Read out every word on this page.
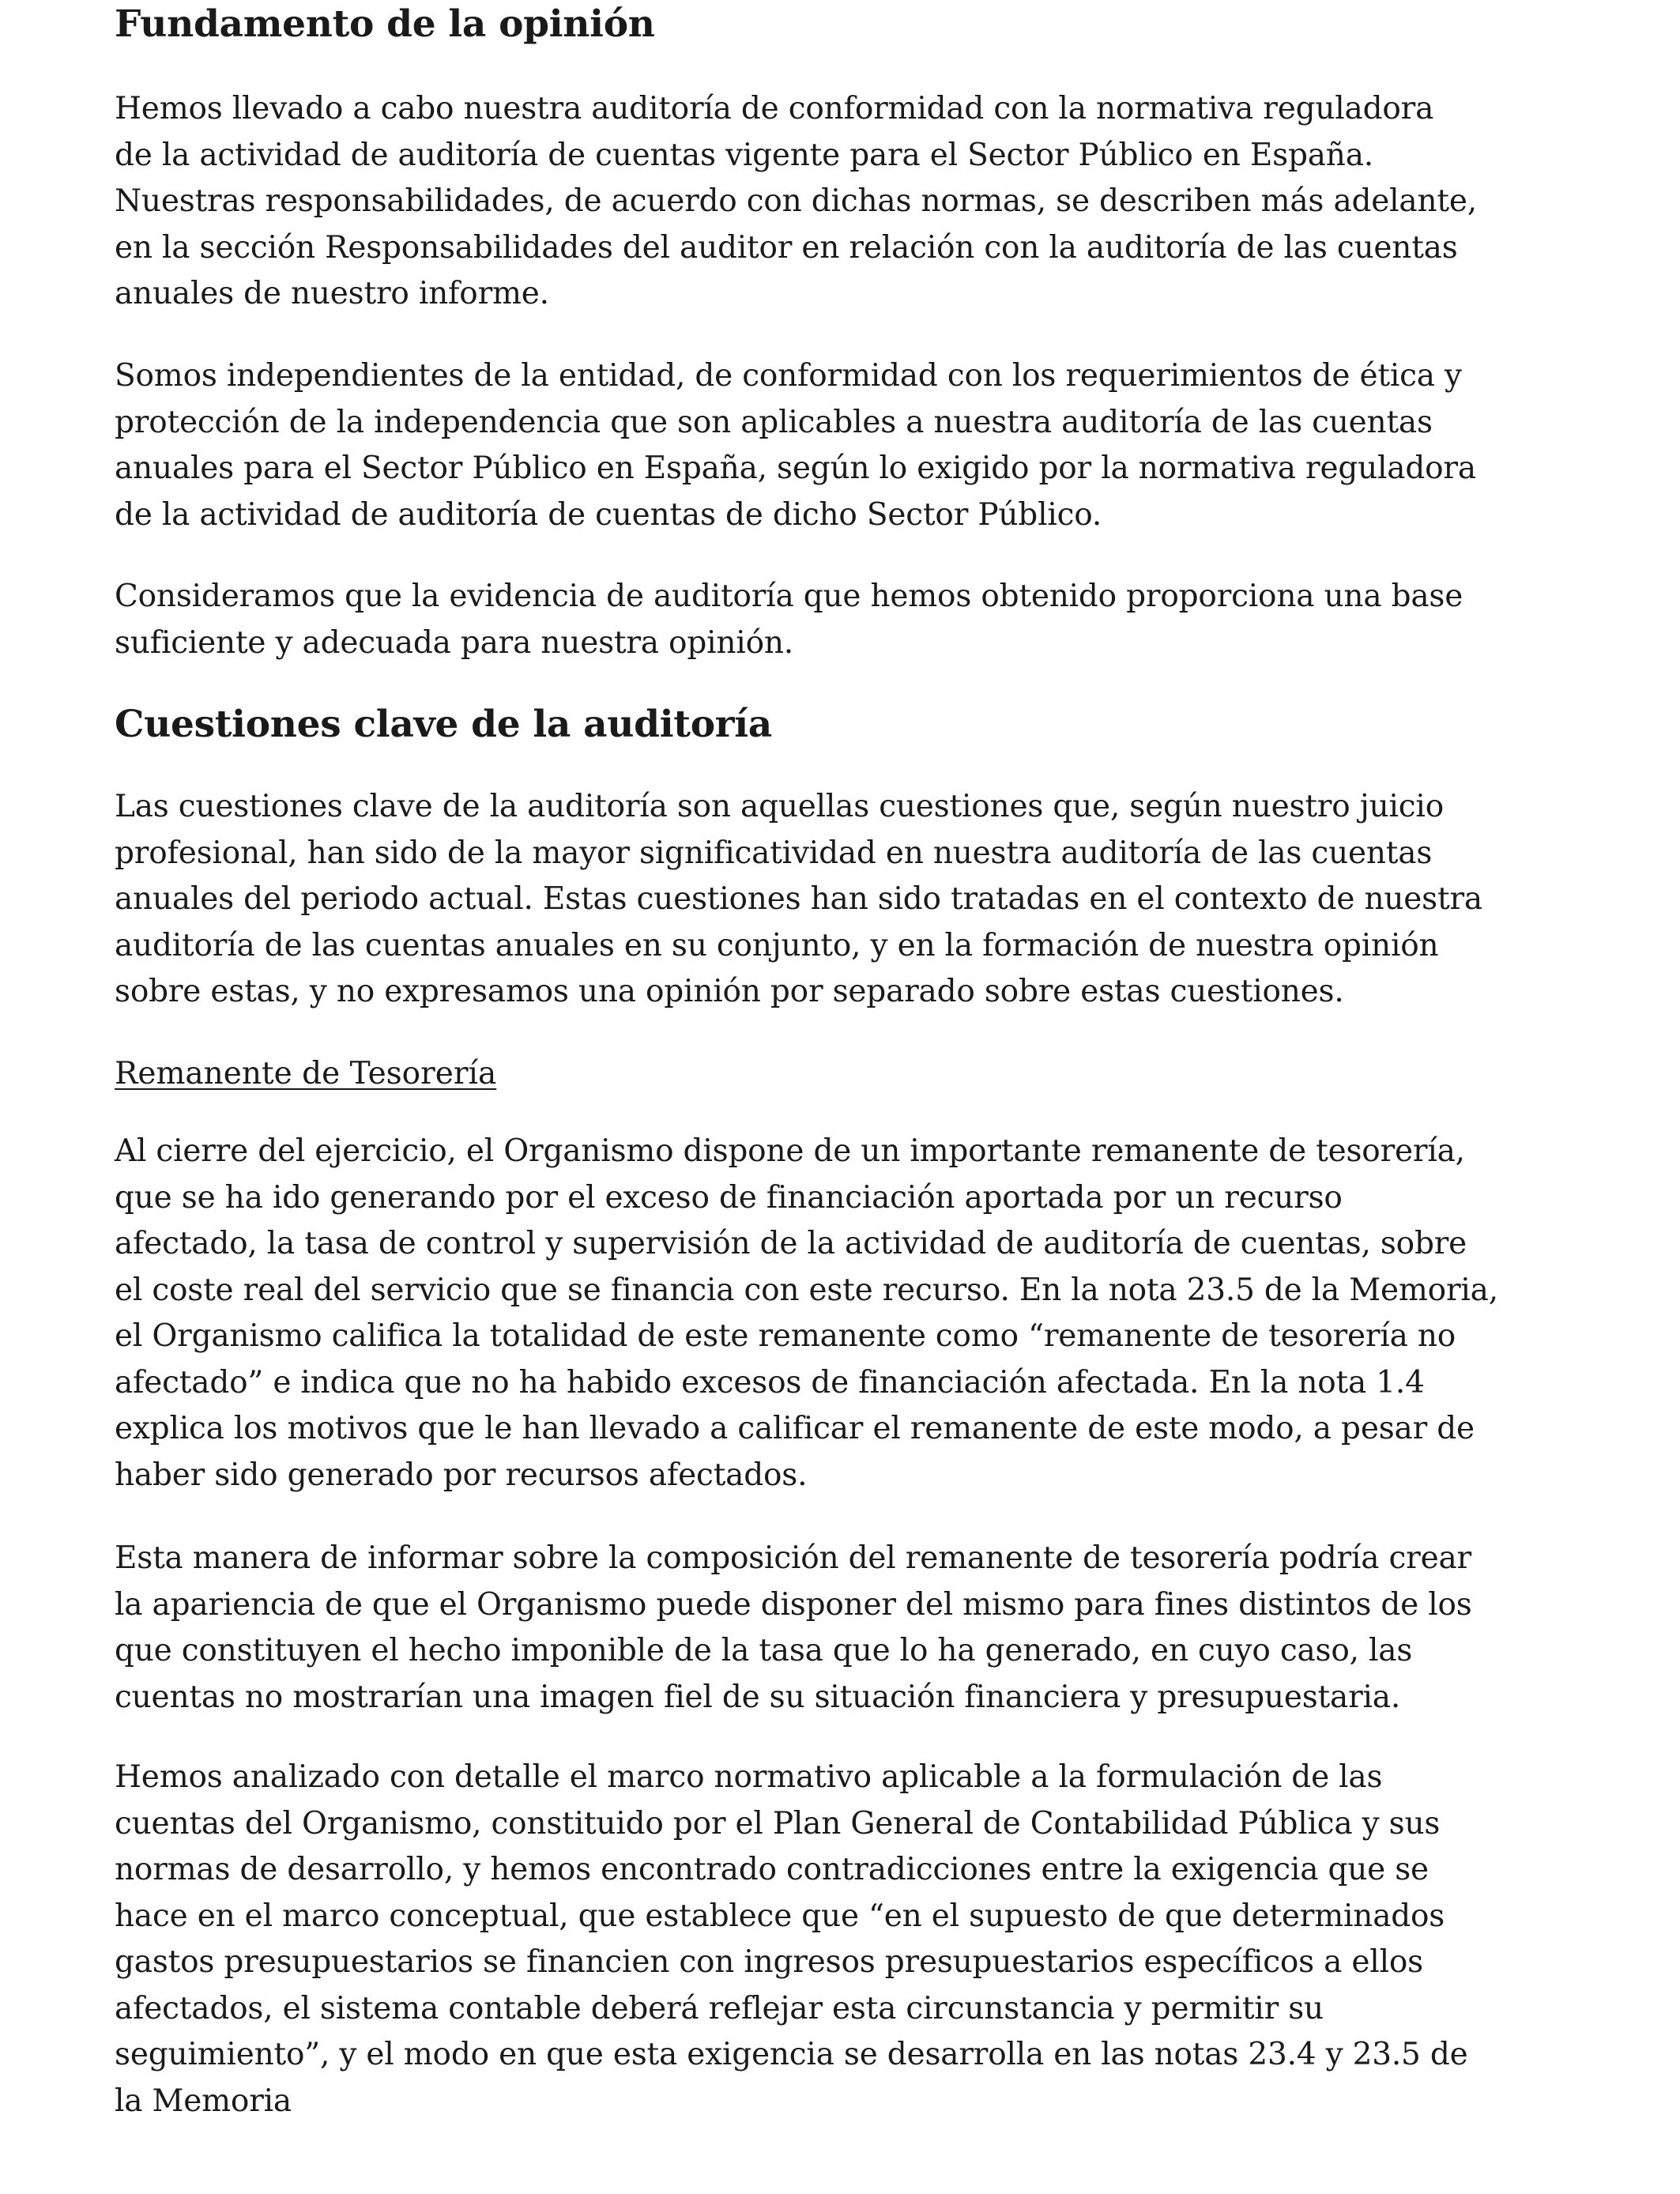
Fundamento de la opinión
Hemos llevado a cabo nuestra auditoría de conformidad con la normativa reguladora
de la actividad de auditoría de cuentas vigente para el Sector Público en España.
Nuestras responsabilidades, de acuerdo con dichas normas, se describen más adelante,
en la sección Responsabilidades del auditor en relación con la auditoría de las cuentas
anuales de nuestro informe.
Somos independientes de la entidad, de conformidad con los requerimientos de ética y
protección de la independencia que son aplicables a nuestra auditoría de las cuentas
anuales para el Sector Público en España, según lo exigido por la normativa reguladora
de la actividad de auditoría de cuentas de dicho Sector Público.
Consideramos que la evidencia de auditoría que hemos obtenido proporciona una base
suficiente y adecuada para nuestra opinión.
Cuestiones clave de la auditoría
Las cuestiones clave de la auditoría son aquellas cuestiones que, según nuestro juicio
profesional, han sido de la mayor significatividad en nuestra auditoría de las cuentas
anuales del periodo actual. Estas cuestiones han sido tratadas en el contexto de nuestra
auditoría de las cuentas anuales en su conjunto, y en la formación de nuestra opinión
sobre estas, y no expresamos una opinión por separado sobre estas cuestiones.
Remanente de Tesorería
Al cierre del ejercicio, el Organismo dispone de un importante remanente de tesorería,
que se ha ido generando por el exceso de financiación aportada por un recurso
afectado, la tasa de control y supervisión de la actividad de auditoría de cuentas, sobre
el coste real del servicio que se financia con este recurso. En la nota 23.5 de la Memoria,
el Organismo califica la totalidad de este remanente como “remanente de tesorería no
afectado” e indica que no ha habido excesos de financiación afectada. En la nota 1.4
explica los motivos que le han llevado a calificar el remanente de este modo, a pesar de
haber sido generado por recursos afectados.
Esta manera de informar sobre la composición del remanente de tesorería podría crear
la apariencia de que el Organismo puede disponer del mismo para fines distintos de los
que constituyen el hecho imponible de la tasa que lo ha generado, en cuyo caso, las
cuentas no mostrarían una imagen fiel de su situación financiera y presupuestaria.
Hemos analizado con detalle el marco normativo aplicable a la formulación de las
cuentas del Organismo, constituido por el Plan General de Contabilidad Pública y sus
normas de desarrollo, y hemos encontrado contradicciones entre la exigencia que se
hace en el marco conceptual, que establece que “en el supuesto de que determinados
gastos presupuestarios se financien con ingresos presupuestarios específicos a ellos
afectados, el sistema contable deberá reflejar esta circunstancia y permitir su
seguimiento”, y el modo en que esta exigencia se desarrolla en las notas 23.4 y 23.5 de
la Memoria
